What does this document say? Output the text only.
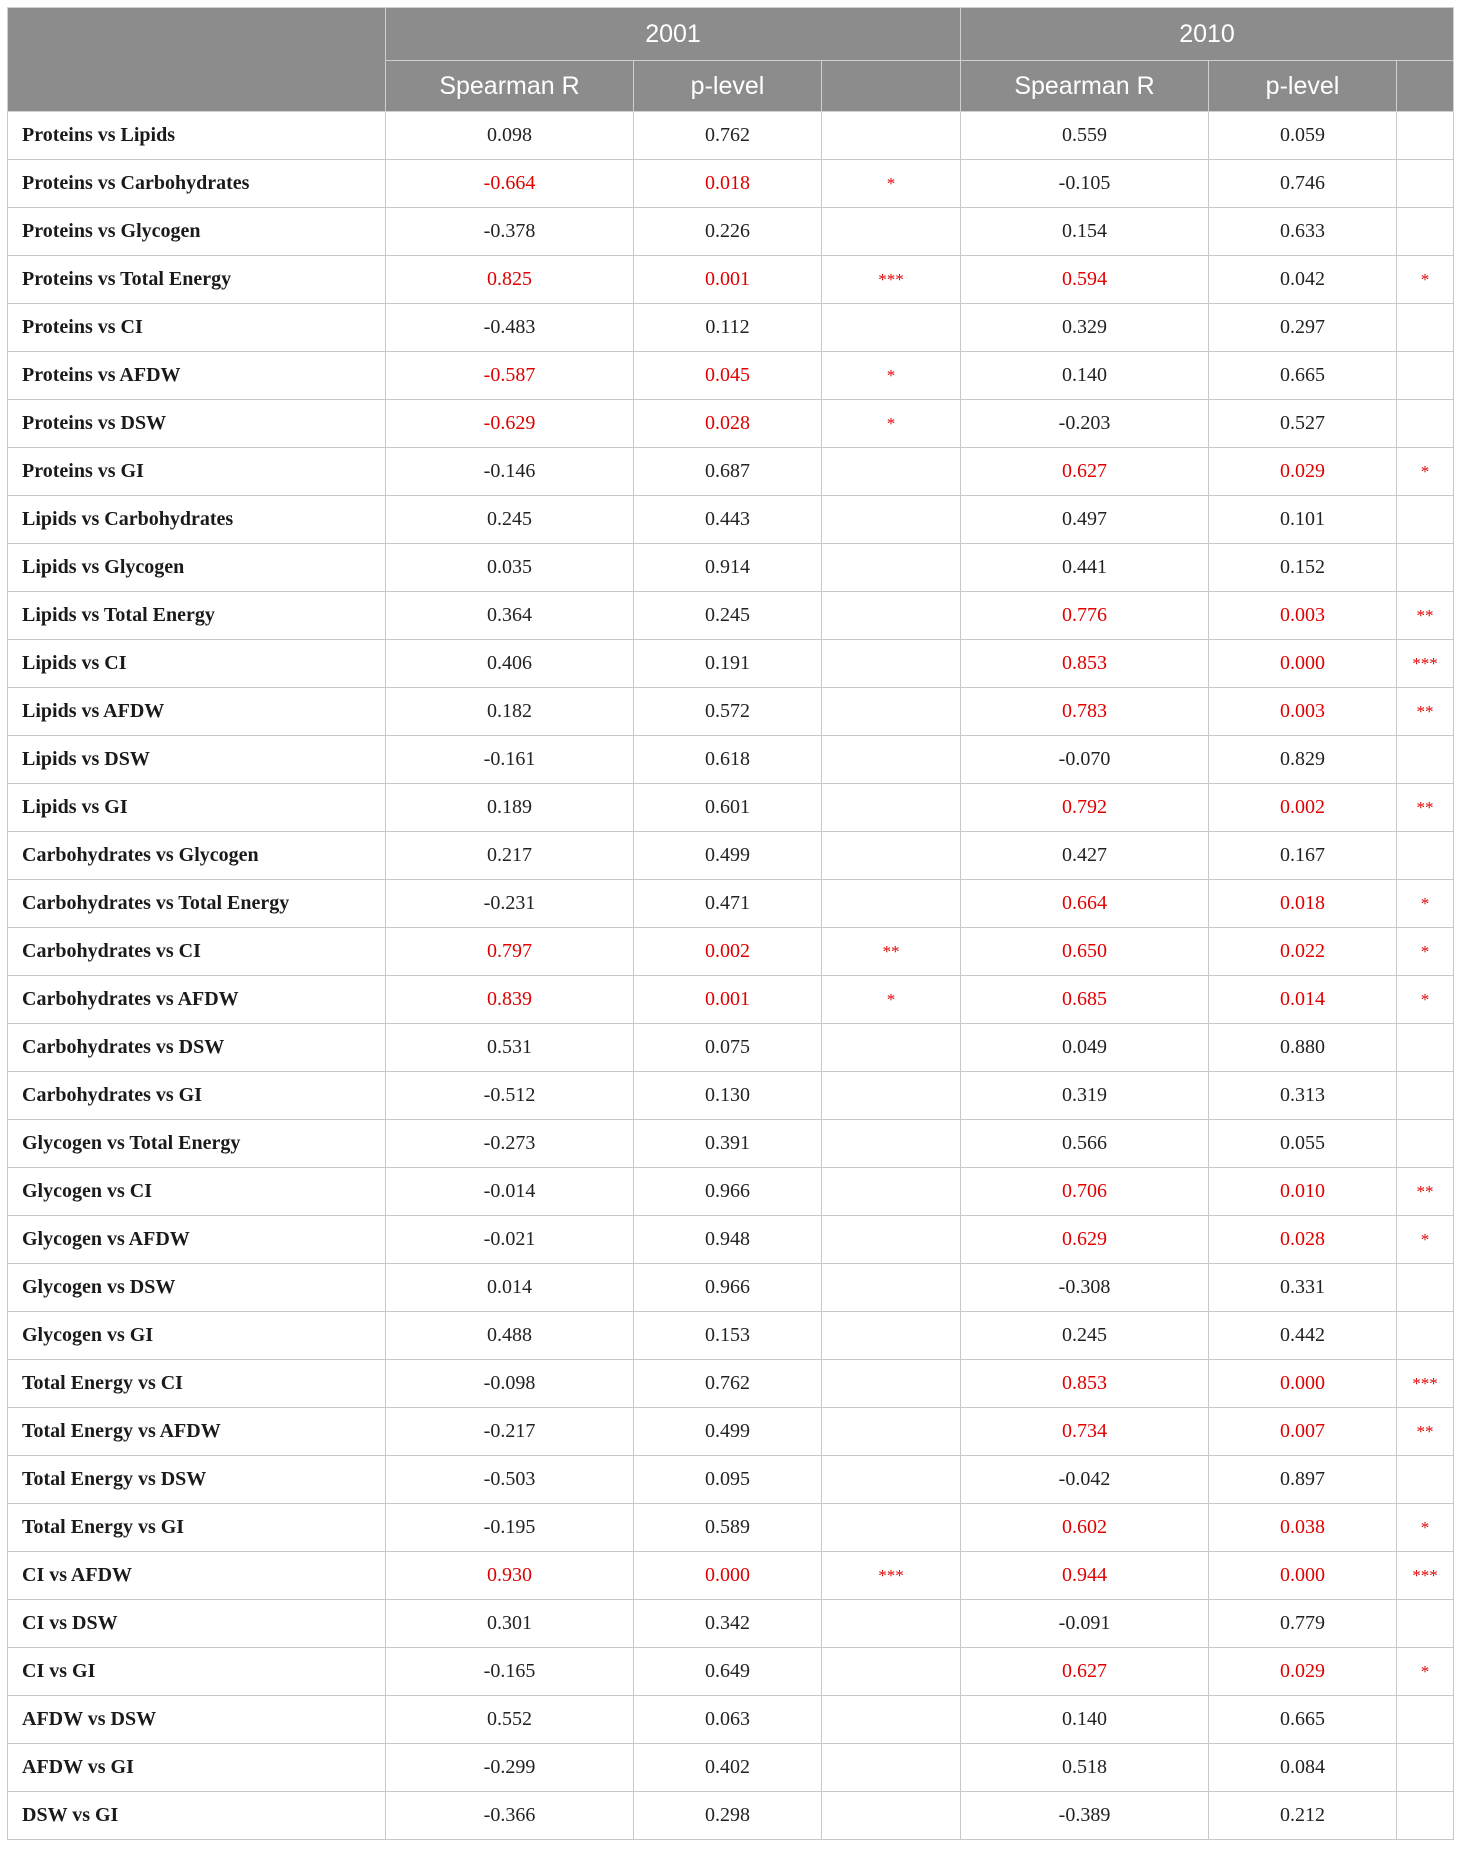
	2001			2010		
	Spearman R	p-level		Spearman R	p-level	
Proteins vs Lipids	0.098	0.762		0.559	0.059	
Proteins vs Carbohydrates	-0.664	0.018	*	-0.105	0.746	
Proteins vs Glycogen	-0.378	0.226		0.154	0.633	
Proteins vs Total Energy	0.825	0.001	***	0.594	0.042	*
Proteins vs CI	-0.483	0.112		0.329	0.297	
Proteins vs AFDW	-0.587	0.045	*	0.140	0.665	
Proteins vs DSW	-0.629	0.028	*	-0.203	0.527	
Proteins vs GI	-0.146	0.687		0.627	0.029	*
Lipids vs Carbohydrates	0.245	0.443		0.497	0.101	
Lipids vs Glycogen	0.035	0.914		0.441	0.152	
Lipids vs Total Energy	0.364	0.245		0.776	0.003	**
Lipids vs CI	0.406	0.191		0.853	0.000	***
Lipids vs AFDW	0.182	0.572		0.783	0.003	**
Lipids vs DSW	-0.161	0.618		-0.070	0.829	
Lipids vs GI	0.189	0.601		0.792	0.002	**
Carbohydrates vs Glycogen	0.217	0.499		0.427	0.167	
Carbohydrates vs Total Energy	-0.231	0.471		0.664	0.018	*
Carbohydrates vs CI	0.797	0.002	**	0.650	0.022	*
Carbohydrates vs AFDW	0.839	0.001	*	0.685	0.014	*
Carbohydrates vs DSW	0.531	0.075		0.049	0.880	
Carbohydrates vs GI	-0.512	0.130		0.319	0.313	
Glycogen vs Total Energy	-0.273	0.391		0.566	0.055	
Glycogen vs CI	-0.014	0.966		0.706	0.010	**
Glycogen vs AFDW	-0.021	0.948		0.629	0.028	*
Glycogen vs DSW	0.014	0.966		-0.308	0.331	
Glycogen vs GI	0.488	0.153		0.245	0.442	
Total Energy vs CI	-0.098	0.762		0.853	0.000	***
Total Energy vs AFDW	-0.217	0.499		0.734	0.007	**
Total Energy vs DSW	-0.503	0.095		-0.042	0.897	
Total Energy vs GI	-0.195	0.589		0.602	0.038	*
CI vs AFDW	0.930	0.000	***	0.944	0.000	***
CI vs DSW	0.301	0.342		-0.091	0.779	
CI vs GI	-0.165	0.649		0.627	0.029	*
AFDW vs DSW	0.552	0.063		0.140	0.665	
AFDW vs GI	-0.299	0.402		0.518	0.084	
DSW vs GI	-0.366	0.298		-0.389	0.212	
